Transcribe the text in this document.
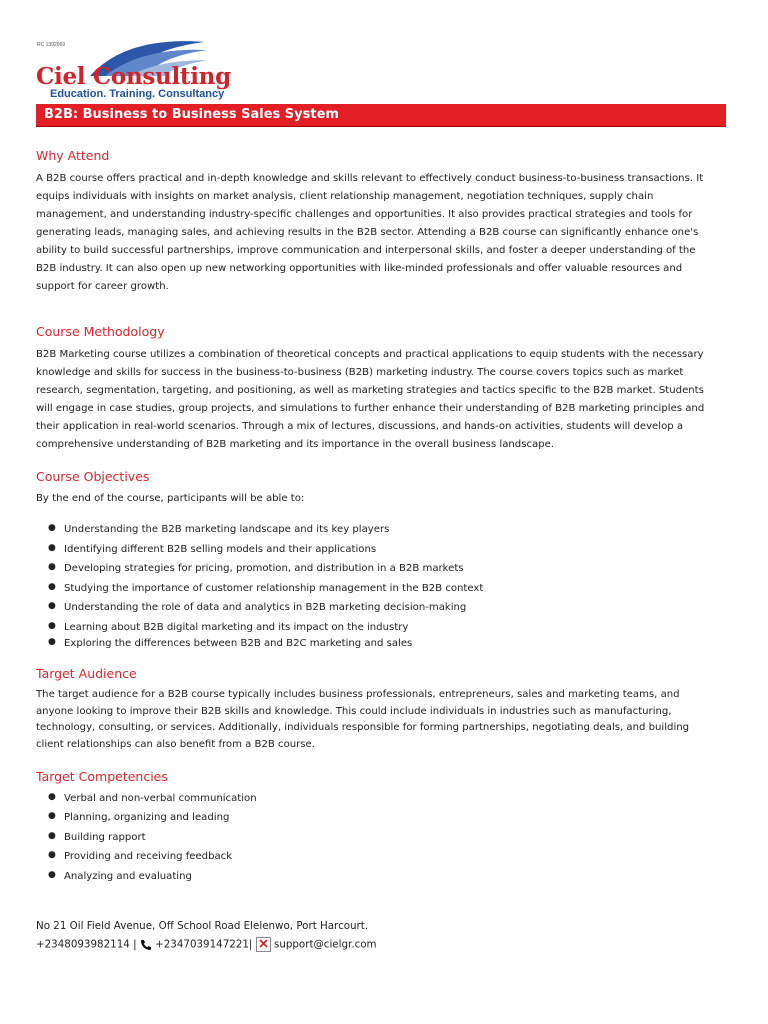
RC 1392069
Ciel Consulting
Education. Training. Consultancy
B2B: Business to Business Sales System
Why Attend
A B2B course offers practical and in-depth knowledge and skills relevant to effectively conduct business-to-business transactions. It
equips individuals with insights on market analysis, client relationship management, negotiation techniques, supply chain
management, and understanding industry-specific challenges and opportunities. It also provides practical strategies and tools for
generating leads, managing sales, and achieving results in the B2B sector. Attending a B2B course can significantly enhance one's
ability to build successful partnerships, improve communication and interpersonal skills, and foster a deeper understanding of the
B2B industry. It can also open up new networking opportunities with like-minded professionals and offer valuable resources and
support for career growth.
Course Methodology
B2B Marketing course utilizes a combination of theoretical concepts and practical applications to equip students with the necessary
knowledge and skills for success in the business-to-business (B2B) marketing industry. The course covers topics such as market
research, segmentation, targeting, and positioning, as well as marketing strategies and tactics specific to the B2B market. Students
will engage in case studies, group projects, and simulations to further enhance their understanding of B2B marketing principles and
their application in real-world scenarios. Through a mix of lectures, discussions, and hands-on activities, students will develop a
comprehensive understanding of B2B marketing and its importance in the overall business landscape.
Course Objectives
By the end of the course, participants will be able to:
● Understanding the B2B marketing landscape and its key players
● Identifying different B2B selling models and their applications
● Developing strategies for pricing, promotion, and distribution in a B2B markets
● Studying the importance of customer relationship management in the B2B context
● Understanding the role of data and analytics in B2B marketing decision-making
● Learning about B2B digital marketing and its impact on the industry
● Exploring the differences between B2B and B2C marketing and sales
Target Audience
The target audience for a B2B course typically includes business professionals, entrepreneurs, sales and marketing teams, and
anyone looking to improve their B2B skills and knowledge. This could include individuals in industries such as manufacturing,
technology, consulting, or services. Additionally, individuals responsible for forming partnerships, negotiating deals, and building
client relationships can also benefit from a B2B course.
Target Competencies
● Verbal and non-verbal communication
● Planning, organizing and leading
● Building rapport
● Providing and receiving feedback
● Analyzing and evaluating
No 21 Oil Field Avenue, Off School Road Elelenwo, Port Harcourt.
+2348093982114 | +2347039147221| support@cielgr.com
